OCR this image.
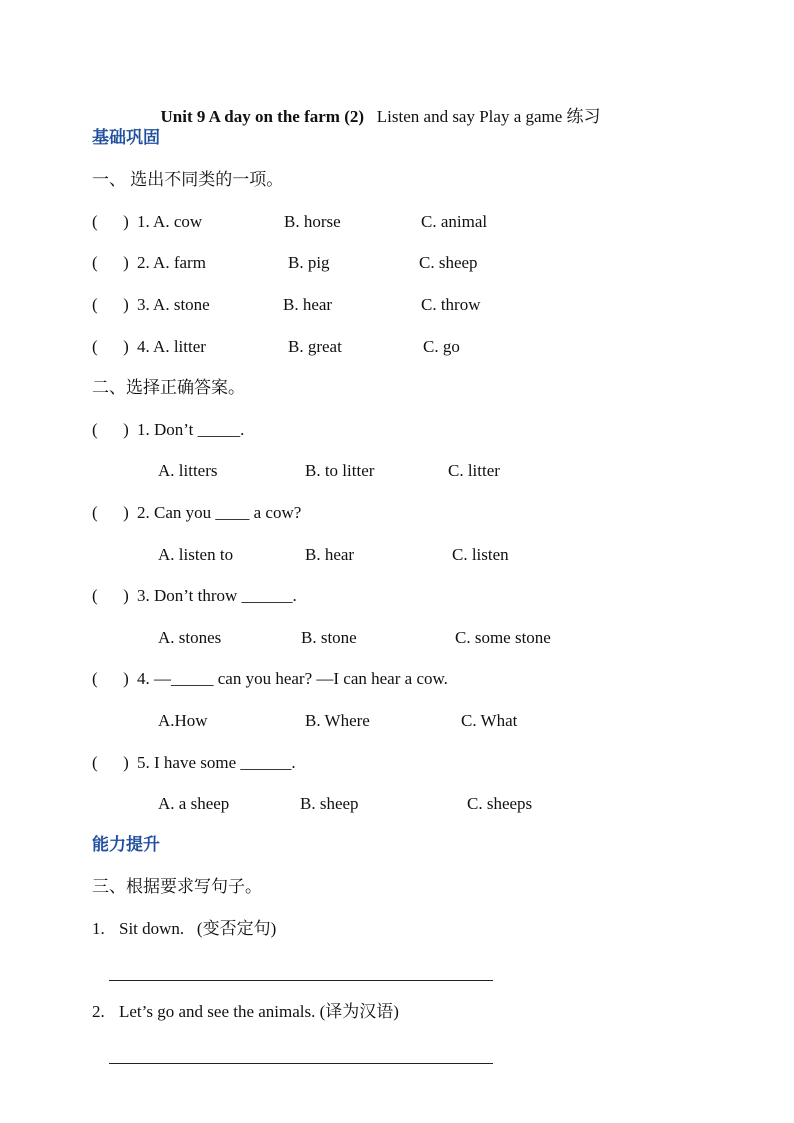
Unit 9 A day on the farm (2) Listen and say Play a game 练习

基础巩固
一、 选出不同类的一项。
(      ) 1. A. cow	B. horse	C. animal
(      ) 2. A. farm	B. pig	C. sheep
(      ) 3. A. stone	B. hear	C. throw
(      ) 4. A. litter	B. great	C. go
二、选择正确答案。
(      ) 1. Don’t _____.
A. litters	B. to litter	C. litter
(      ) 2. Can you ____ a cow?
A. listen to	B. hear	C. listen
(      ) 3. Don’t throw ______.
A. stones	B. stone	C. some stone
(      ) 4. —_____ can you hear? —I can hear a cow.
A.How	B. Where	C. What
(      ) 5. I have some ______.
A. a sheep	B. sheep	C. sheeps
能力提升
三、根据要求写句子。
1. Sit down.   (变否定句)
2. Let’s go and see the animals. (译为汉语)
